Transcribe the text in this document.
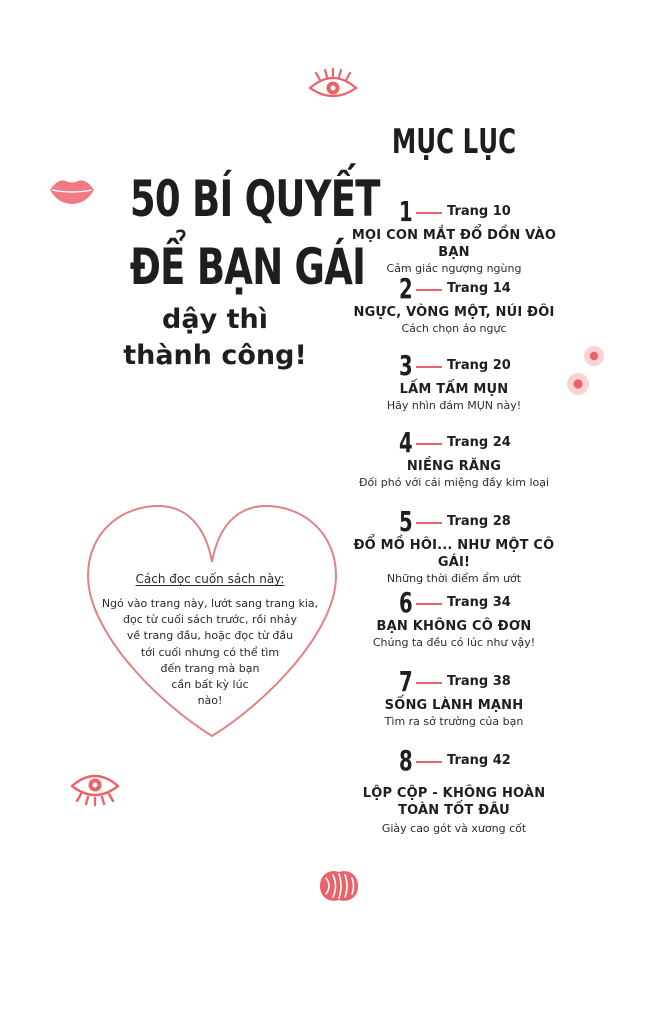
50 BÍ QUYẾT
ĐỂ BẠN GÁI
dậy thì
thành công!
MỤC LỤC
1	Trang 10
MỌI CON MẮT ĐỔ DỒN VÀO BẠN
Cảm giác ngượng ngùng
2	Trang 14
NGỰC, VÒNG MỘT, NÚI ĐÔI
Cách chọn áo ngực
3	Trang 20
LẤM TẤM MỤN
Hãy nhìn đám MỤN này!
4	Trang 24
NIỀNG RĂNG
Đối phó với cái miệng đầy kim loại
5	Trang 28
ĐỔ MỒ HÔI... NHƯ MỘT CÔ GÁI!
Những thời điểm ẩm ướt
6	Trang 34
BẠN KHÔNG CÔ ĐƠN
Chúng ta đều có lúc như vậy!
7	Trang 38
SỐNG LÀNH MẠNH
Tìm ra sở trường của bạn
8	Trang 42
LỘP CỘP - KHÔNG HOÀN TOÀN TỐT ĐÂU
Giày cao gót và xương cốt
Cách đọc cuốn sách này:
Ngó vào trang này, lướt sang trang kia,
đọc từ cuối sách trước, rồi nhảy
về trang đầu, hoặc đọc từ đầu
tới cuối nhưng có thể tìm
đến trang mà bạn
cần bất kỳ lúc
nào!
